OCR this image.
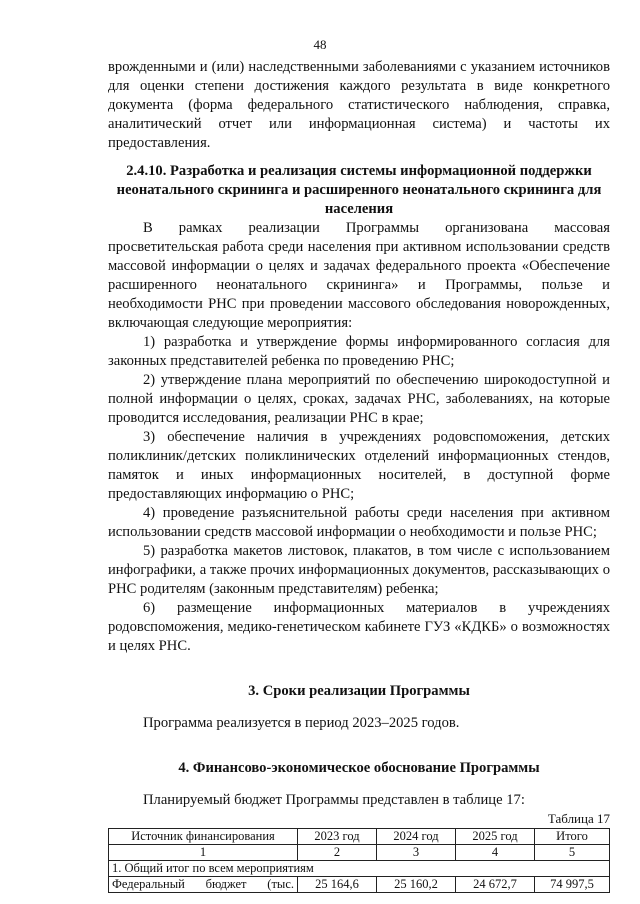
48

врожденными и (или) наследственными заболеваниями с указанием источников для оценки степени достижения каждого результата в виде конкретного документа (форма федерального статистического наблюдения, справка, аналитический отчет или информационная система) и частоты их предоставления.

2.4.10. Разработка и реализация системы информационной поддержки неонатального скрининга и расширенного неонатального скрининга для населения

В рамках реализации Программы организована массовая просветительская работа среди населения при активном использовании средств массовой информации о целях и задачах федерального проекта «Обеспечение расширенного неонатального скрининга» и Программы, пользе и необходимости РНС при проведении массового обследования новорожденных, включающая следующие мероприятия:

1) разработка и утверждение формы информированного согласия для законных представителей ребенка по проведению РНС;

2) утверждение плана мероприятий по обеспечению широкодоступной и полной информации о целях, сроках, задачах РНС, заболеваниях, на которые проводится исследования, реализации РНС в крае;

3) обеспечение наличия в учреждениях родовспоможения, детских поликлиник/детских поликлинических отделений информационных стендов, памяток и иных информационных носителей, в доступной форме предоставляющих информацию о РНС;

4) проведение разъяснительной работы среди населения при активном использовании средств массовой информации о необходимости и пользе РНС;

5) разработка макетов листовок, плакатов, в том числе с использованием инфографики, а также прочих информационных документов, рассказывающих о РНС родителям (законным представителям) ребенка;

6) размещение информационных материалов в учреждениях родовспоможения, медико-генетическом кабинете ГУЗ «КДКБ» о возможностях и целях РНС.

3. Сроки реализации Программы

Программа реализуется в период 2023–2025 годов.

4. Финансово-экономическое обоснование Программы

Планируемый бюджет Программы представлен в таблице 17:

Таблица 17
Источник финансирования	2023 год	2024 год	2025 год	Итого
1	2	3	4	5
1. Общий итог по всем мероприятиям				
Федеральный бюджет (тыс.	25 164,6	25 160,2	24 672,7	74 997,5
